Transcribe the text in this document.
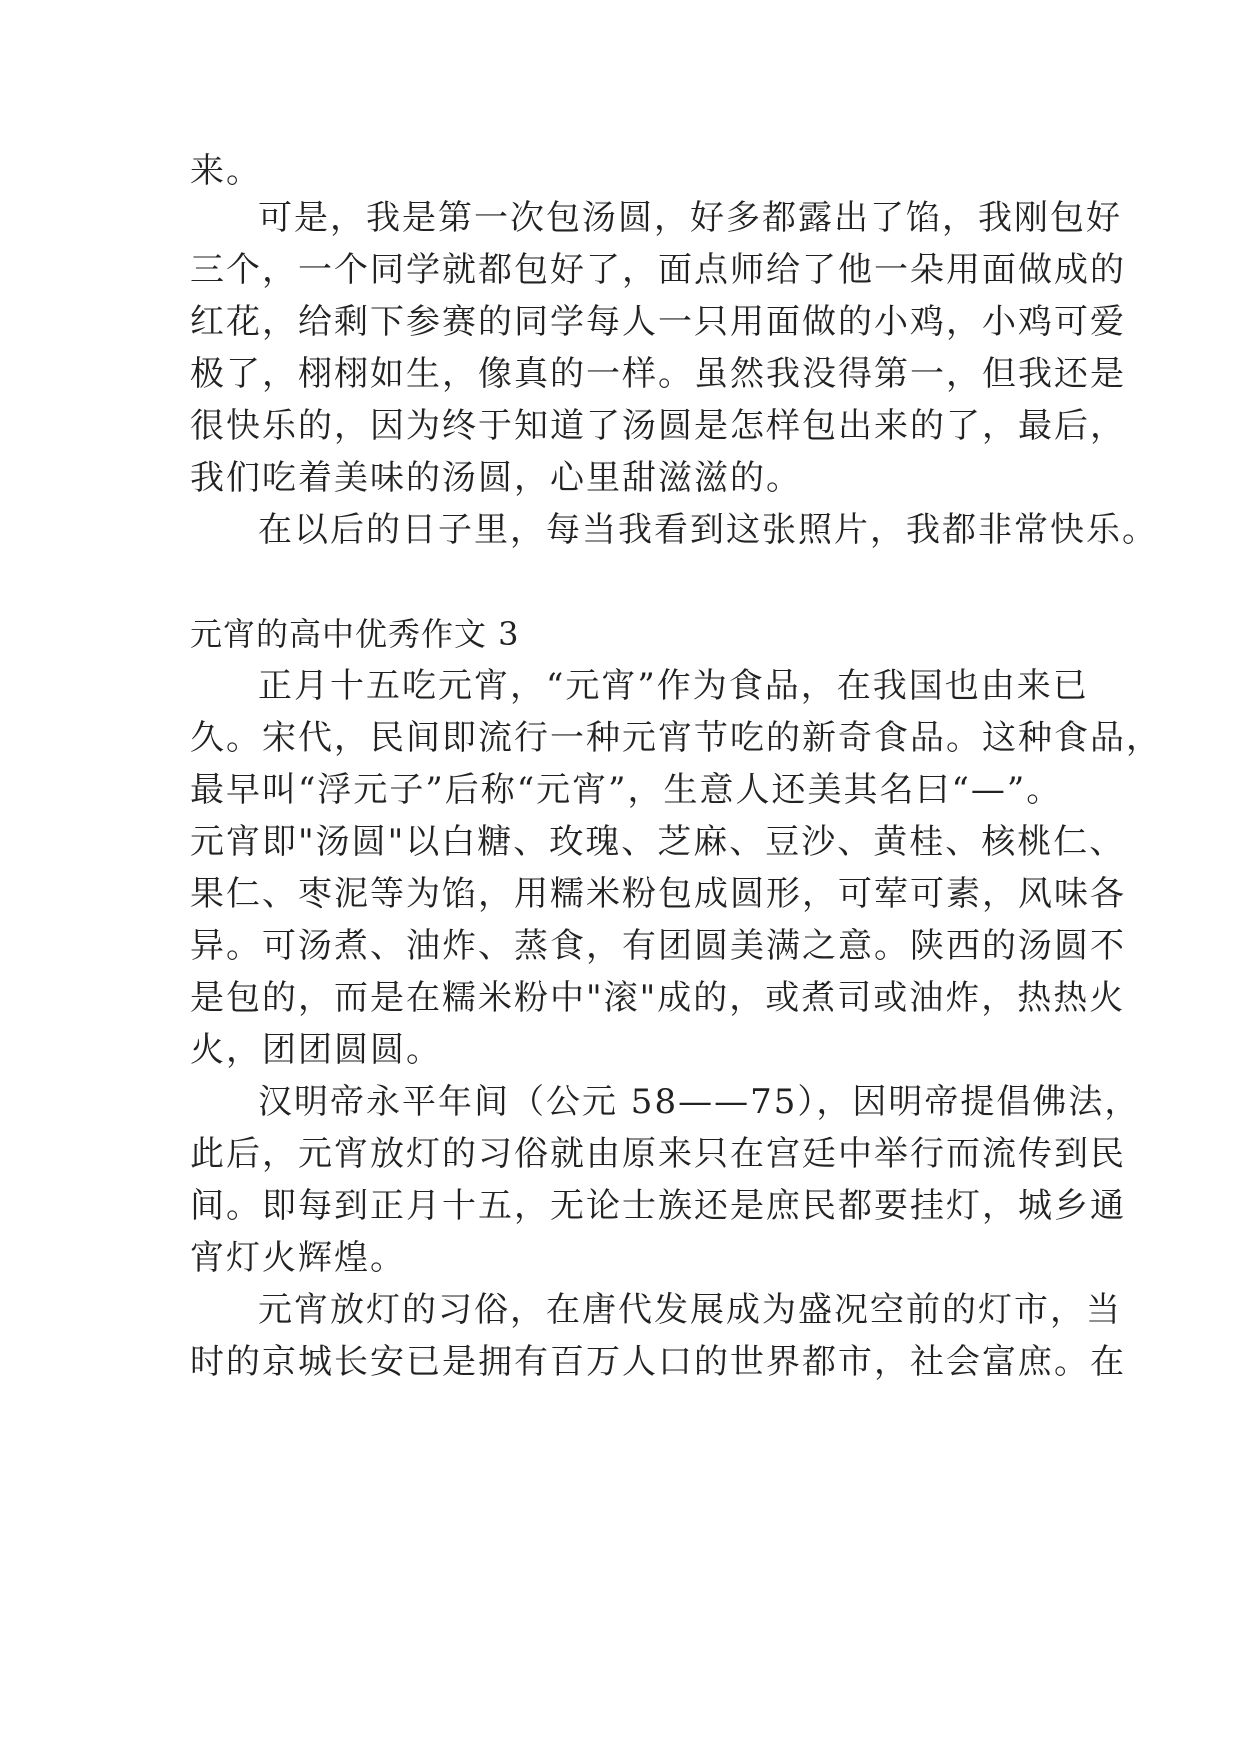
来。
可是，我是第一次包汤圆，好多都露出了馅，我刚包好
三个，一个同学就都包好了，面点师给了他一朵用面做成的
红花，给剩下参赛的同学每人一只用面做的小鸡，小鸡可爱
极了，栩栩如生，像真的一样。虽然我没得第一，但我还是
很快乐的，因为终于知道了汤圆是怎样包出来的了，最后，
我们吃着美味的汤圆，心里甜滋滋的。
在以后的日子里，每当我看到这张照片，我都非常快乐。
元宵的高中优秀作文 3
正月十五吃元宵，“元宵”作为食品，在我国也由来已
久。宋代，民间即流行一种元宵节吃的新奇食品。这种食品，
最早叫“浮元子”后称“元宵”，生意人还美其名曰“—”。
元宵即"汤圆"以白糖、玫瑰、芝麻、豆沙、黄桂、核桃仁、
果仁、枣泥等为馅，用糯米粉包成圆形，可荤可素，风味各
异。可汤煮、油炸、蒸食，有团圆美满之意。陕西的汤圆不
是包的，而是在糯米粉中"滚"成的，或煮司或油炸，热热火
火，团团圆圆。
汉明帝永平年间（公元 58——75），因明帝提倡佛法，
此后，元宵放灯的习俗就由原来只在宫廷中举行而流传到民
间。即每到正月十五，无论士族还是庶民都要挂灯，城乡通
宵灯火辉煌。
元宵放灯的习俗，在唐代发展成为盛况空前的灯市，当
时的京城长安已是拥有百万人口的世界都市，社会富庶。在
